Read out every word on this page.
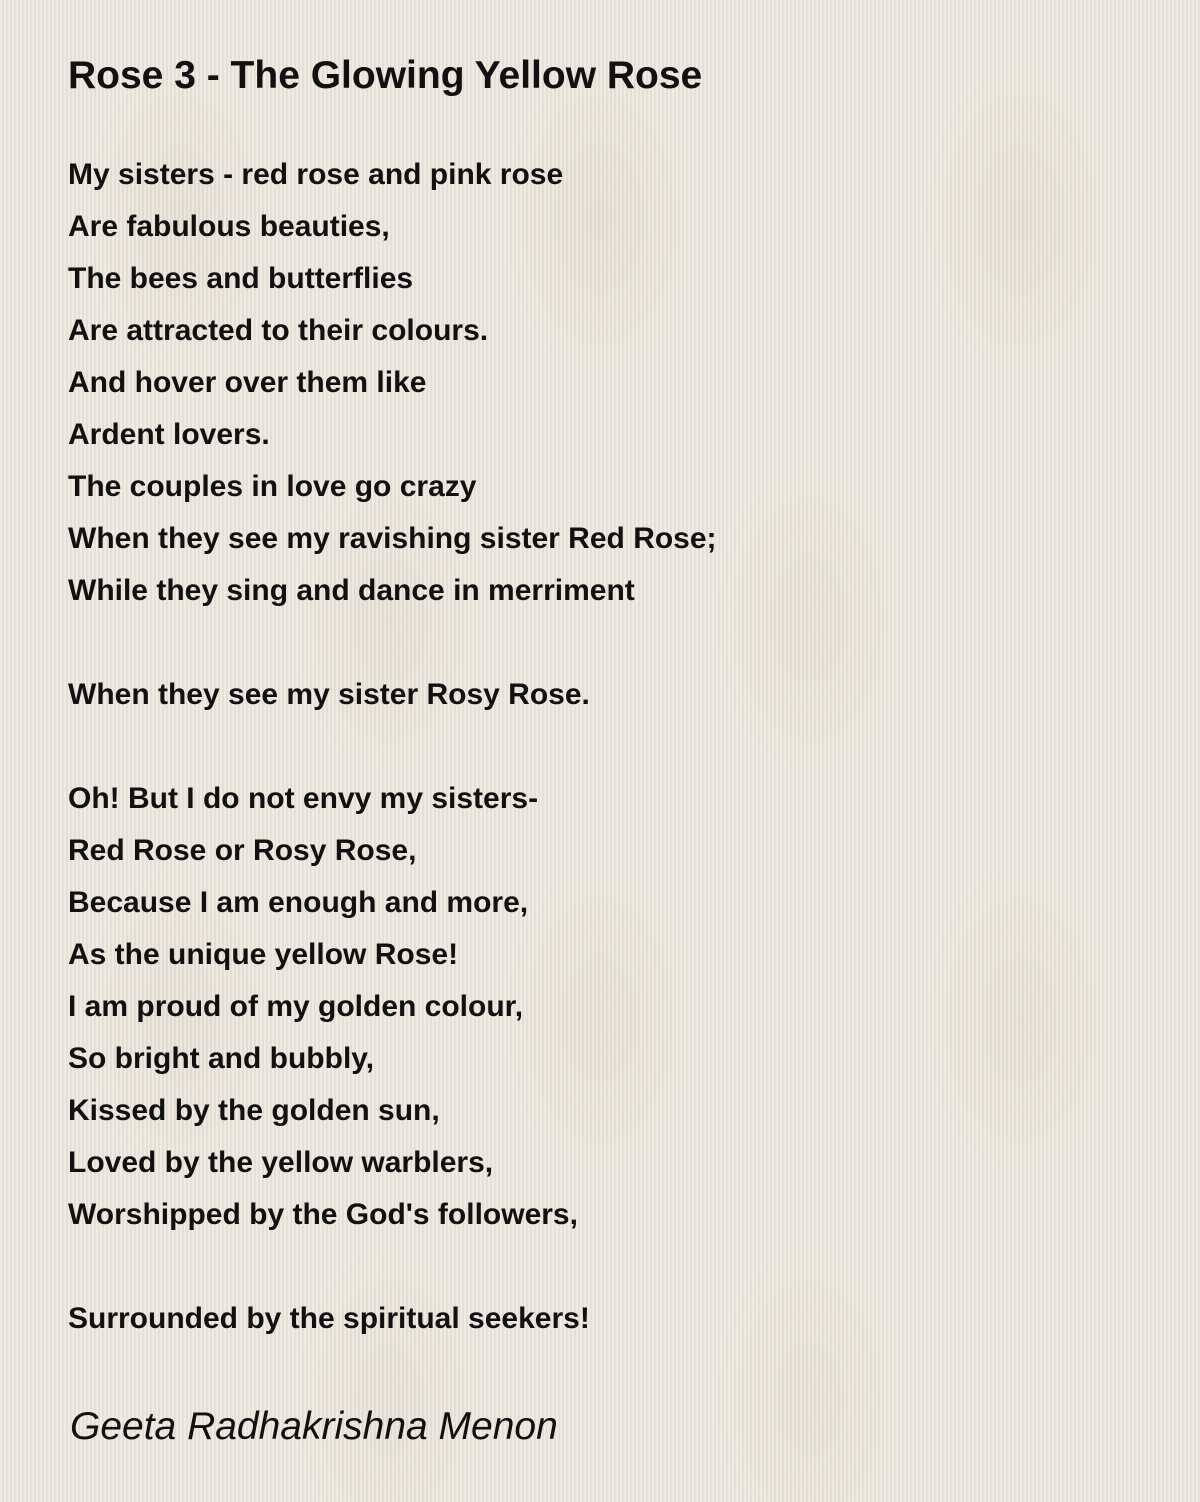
Rose 3 - The Glowing Yellow Rose
My sisters - red rose and pink rose
Are fabulous beauties,
The bees and butterflies
Are attracted to their colours.
And hover over them like
Ardent lovers.
The couples in love go crazy
When they see my ravishing sister Red Rose;
While they sing and dance in merriment
When they see my sister Rosy Rose.
Oh! But I do not envy my sisters-
Red Rose or Rosy Rose,
Because I am enough and more,
As the unique yellow Rose!
I am proud of my golden colour,
So bright and bubbly,
Kissed by the golden sun,
Loved by the yellow warblers,
Worshipped by the God's followers,
Surrounded by the spiritual seekers!
Geeta Radhakrishna Menon
